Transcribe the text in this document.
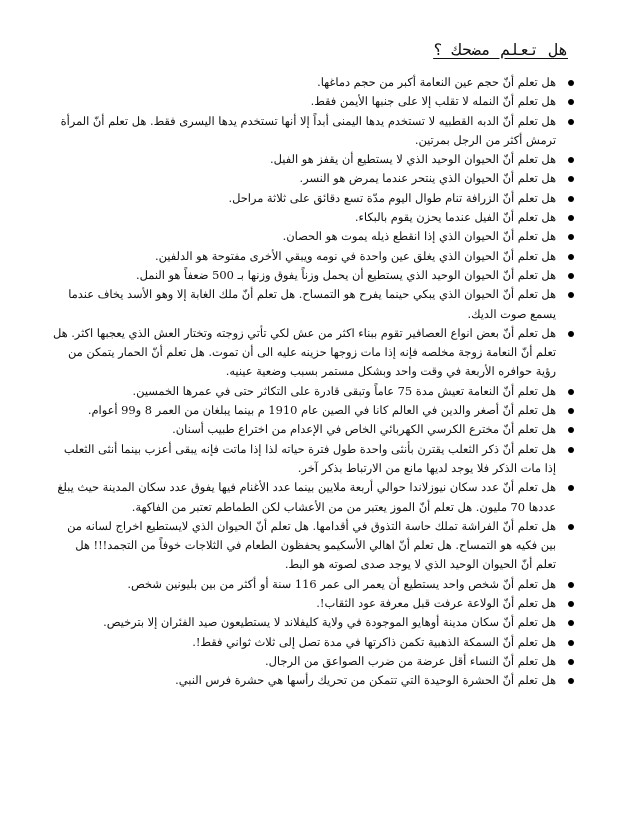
هل تعلم مضحك ؟
هل تعلم أنّ حجم عين النعامة أكبر من حجم دماغها.
هل تعلم أنّ النمله لا تقلب إلا على جنبها الأيمن فقط.
هل تعلم أنّ الدبه القطبيه لا تستخدم يدها اليمنى أبداً إلا أنها تستخدم يدها اليسرى فقط. هل تعلم أنّ المرأة ترمش أكثر من الرجل بمرتين.
هل تعلم أنّ الحيوان الوحيد الذي لا يستطيع أن يقفز هو الفيل.
هل تعلم أنّ الحيوان الذي ينتحر عندما يمرض هو النسر.
هل تعلم أنّ الزرافة تنام طوال اليوم مدّة تسع دقائق على ثلاثة مراحل.
هل تعلم أنّ الفيل عندما يحزن يقوم بالبكاء.
هل تعلم أنّ الحيوان الذي إذا انقطع ذيله يموت هو الحصان.
هل تعلم أنّ الحيوان الذي يغلق عين واحدة في نومه ويبقي الأخرى مفتوحة هو الدلفين.
هل تعلم أنّ الحيوان الوحيد الذي يستطيع أن يحمل وزناً يفوق وزنها بـ 500 ضعفاً هو النمل.
هل تعلم أنّ الحيوان الذي يبكي حينما يفرح هو التمساح. هل تعلم أنّ ملك الغابة إلا وهو الأسد يخاف عندما يسمع صوت الديك.
هل تعلم أنّ بعض انواع العصافير تقوم ببناء اكثر من عش لكي تأتي زوجته وتختار العش الذي يعجبها اكثر. هل تعلم أنّ النعامة زوجة مخلصه فإنه إذا مات زوجها حزينه عليه الى أن تموت. هل تعلم أنّ الحمار يتمكن من رؤية حوافره الأربعة في وقت واحد وبشكل مستمر بسبب وضعية عينيه.
هل تعلم أنّ النعامة تعيش مدة 75 عاماً وتبقى قادرة على التكاثر حتى في عمرها الخمسين.
هل تعلم أنّ أصغر والدين في العالم كانا في الصين عام 1910 م بينما يبلغان من العمر 8 و99 أعوام.
هل تعلم أنّ مخترع الكرسي الكهربائي الخاص في الإعدام من اختراع طبيب أسنان.
هل تعلم أنّ ذكر الثعلب يقترن بأنثى واحدة طول فترة حياته لذا إذا ماتت فإنه يبقى أعزب بينما أنثى الثعلب إذا مات الذكر فلا يوجد لديها مانع من الارتباط بذكر آخر.
هل تعلم أنّ عدد سكان نيوزلاندا حوالي أربعة ملايين بينما عدد الأغنام فيها يفوق عدد سكان المدينة حيث يبلغ عددها 70 مليون. هل تعلم أنّ الموز يعتبر من من الأعشاب لكن الطماطم تعتبر من الفاكهة.
هل تعلم أنّ الفراشة تملك حاسة التذوق في أقدامها. هل تعلم أنّ الحيوان الذي لايستطيع اخراج لسانه من بين فكيه هو التمساح. هل تعلم أنّ اهالي الأسكيمو يحفظون الطعام في الثلاجات خوفاً من التجمد!!! هل تعلم أنّ الحيوان الوحيد الذي لا يوجد صدى لصوته هو البط.
هل تعلم أنّ شخص واحد يستطيع أن يعمر الى عمر 116 سنة أو أكثر من بين بليونين شخص.
هل تعلم أنّ الولاعة عرفت قبل معرفة عود الثقاب!.
هل تعلم أنّ سكان مدينة أوهايو الموجودة في ولاية كليفلاند لا يستطيعون صيد الفئران إلا بترخيص.
هل تعلم أنّ السمكة الذهبية تكمن ذاكرتها في مدة تصل إلى ثلاث ثواني فقط!.
هل تعلم أنّ النساء أقل عرضة من ضرب الصواعق من الرجال.
هل تعلم أنّ الحشرة الوحيدة التي تتمكن من تحريك رأسها هي حشرة فرس النبي.
